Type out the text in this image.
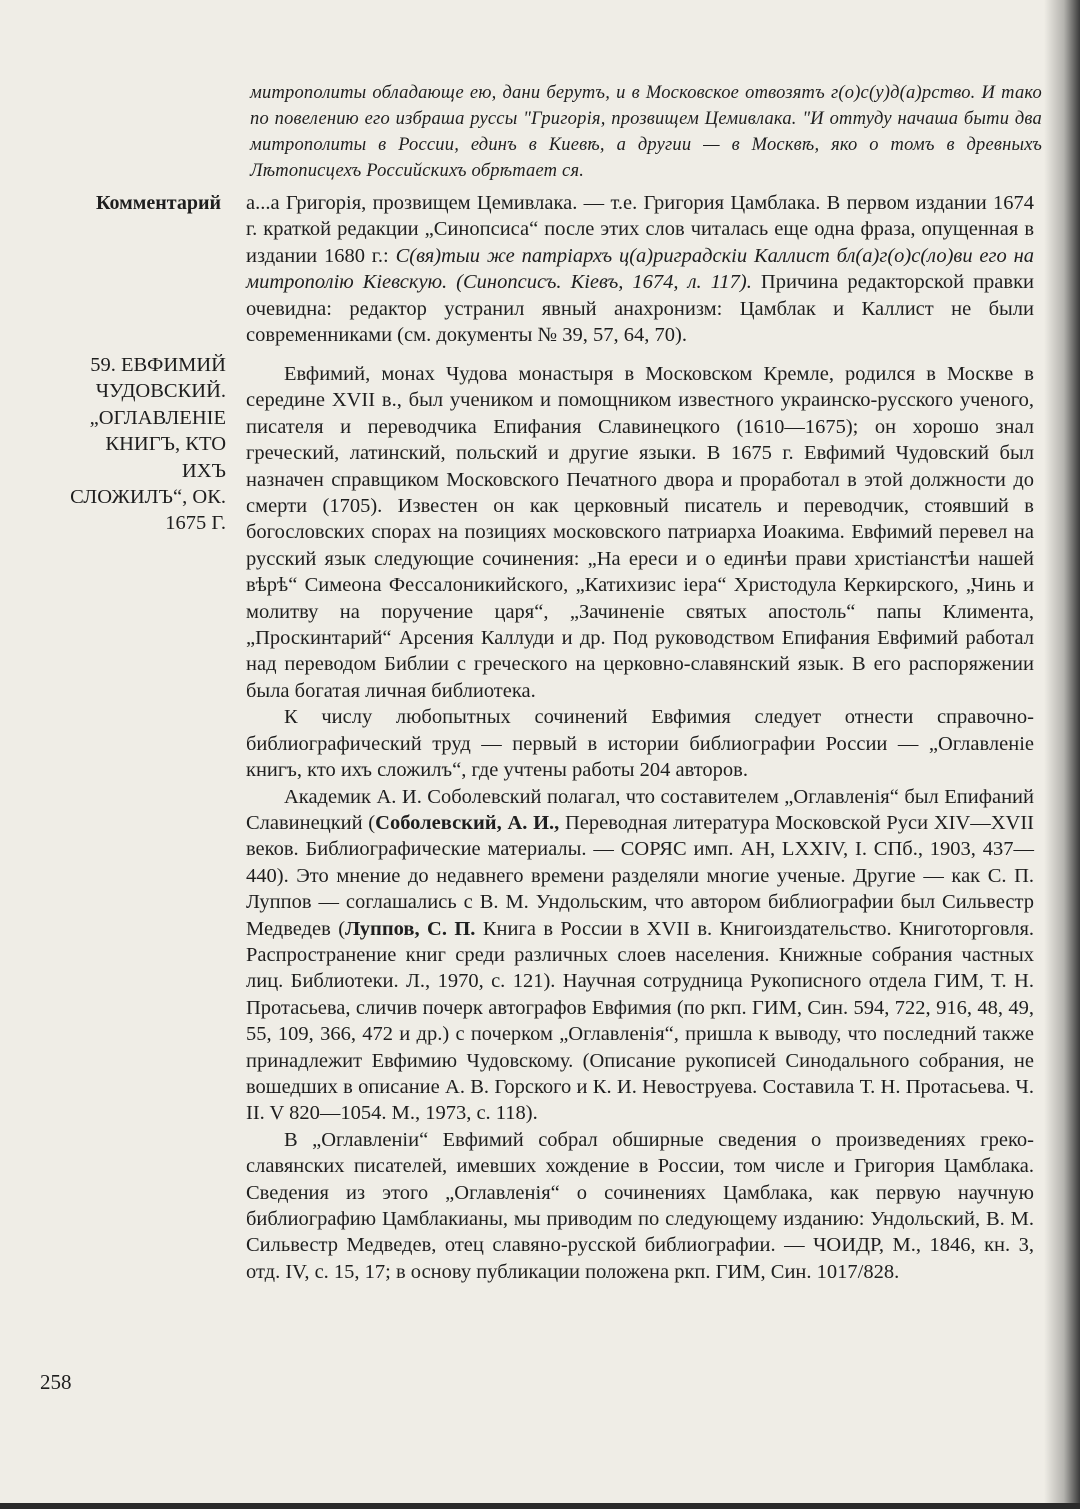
митрополиты обладающе ею, дани берутъ, и в Московское отвозятъ г(о)с(у)д(а)рство. И тако по повелению его избраша руссы "Григорія, прозвищем Цемивлака. "И оттуду начаша быти два митрополиты в России, единъ в Киевѣ, а другии — в Москвѣ, яко о томъ в древныхъ Лѣтописцехъ Российскихъ обрѣтает ся.
Комментарий	a...a Григорія, прозвищем Цемивлака. — т.е. Григория Цамблака. В первом издании 1674 г. краткой редакции „Синопсиса“ после этих слов читалась еще одна фраза, опущенная в издании 1680 г.: С(вя)тыи же патріархъ ц(а)риградскіи Каллист бл(а)г(о)с(ло)ви его на митрополію Кіевскую. (Синопсисъ. Кіевъ, 1674, л. 117). Причина редакторской правки очевидна: редактор устранил явный анахронизм: Цамблак и Каллист не были современниками (см. документы № 39, 57, 64, 70).

59. ЕВФИМИЙ ЧУДОВСКИЙ. „ОГЛАВЛЕНІЕ КНИГЪ, КТО ИХЪ СЛОЖИЛЪ“, ОК. 1675 Г.

Евфимий, монах Чудова монастыря в Московском Кремле, родился в Москве в середине XVII в., был учеником и помощником известного украинско-русского ученого, писателя и переводчика Епифания Славинецкого (1610—1675); он хорошо знал греческий, латинский, польский и другие языки. В 1675 г. Евфимий Чудовский был назначен справщиком Московского Печатного двора и проработал в этой должности до смерти (1705). Известен он как церковный писатель и переводчик, стоявший в богословских спорах на позициях московского патриарха Иоакима. Евфимий перевел на русский язык следующие сочинения: „На ереси и о единѣи прави христіанстѣи нашей вѣрѣ“ Симеона Фессалоникийского, „Катихизис іера“ Христодула Керкирского, „Чинь и молитву на поручение царя“, „Зачиненіе святых апостоль“ папы Климента, „Проскинтарий“ Арсения Каллуди и др. Под руководством Епифания Евфимий работал над переводом Библии с греческого на церковно-славянский язык. В его распоряжении была богатая личная библиотека.

К числу любопытных сочинений Евфимия следует отнести справочно-библиографический труд — первый в истории библиографии России — „Оглавленіе книгъ, кто ихъ сложилъ“, где учтены работы 204 авторов.

Академик А. И. Соболевский полагал, что составителем „Оглавленія“ был Епифаний Славинецкий (Соболевский, А. И., Переводная литература Московской Руси XIV—XVII веков. Библиографические материалы. — СОРЯС имп. АН, LXXIV, I. СПб., 1903, 437—440). Это мнение до недавнего времени разделяли многие ученые. Другие — как С. П. Луппов — соглашались с В. М. Ундольским, что автором библиографии был Сильвестр Медведев (Луппов, С. П. Книга в России в XVII в. Книгоиздательство. Книготорговля. Распространение книг среди различных слоев населения. Книжные собрания частных лиц. Библиотеки. Л., 1970, с. 121). Научная сотрудница Рукописного отдела ГИМ, Т. Н. Протасьева, сличив почерк автографов Евфимия (по ркп. ГИМ, Син. 594, 722, 916, 48, 49, 55, 109, 366, 472 и др.) с почерком „Оглавленія“, пришла к выводу, что последний также принадлежит Евфимию Чудовскому. (Описание рукописей Синодального собрания, не вошедших в описание А. В. Горского и К. И. Невоструева. Составила Т. Н. Протасьева. Ч. II. V 820—1054. М., 1973, с. 118).

В „Оглавленіи“ Евфимий собрал обширные сведения о произведениях греко-славянских писателей, имевших хождение в России, том числе и Григория Цамблака. Сведения из этого „Оглавленія“ о сочинениях Цамблака, как первую научную библиографию Цамблакианы, мы приводим по следующему изданию: Ундольский, В. М. Сильвестр Медведев, отец славяно-русской библиографии. — ЧОИДР, М., 1846, кн. 3, отд. IV, с. 15, 17; в основу публикации положена ркп. ГИМ, Син. 1017/828.

258
